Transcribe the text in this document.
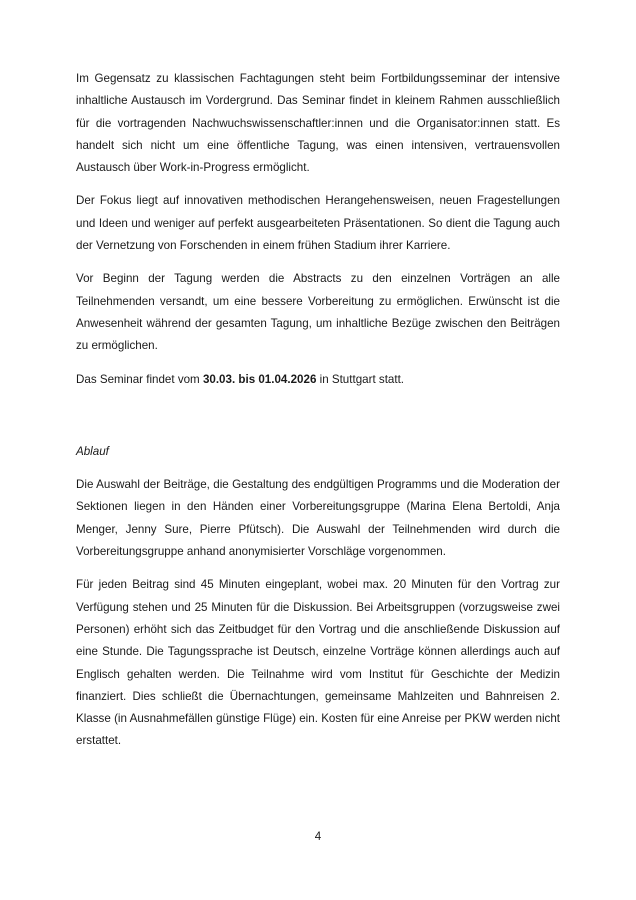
Im Gegensatz zu klassischen Fachtagungen steht beim Fortbildungsseminar der intensive inhaltliche Austausch im Vordergrund. Das Seminar findet in kleinem Rahmen ausschließlich für die vortragenden Nachwuchswissenschaftler:innen und die Organisator:innen statt. Es handelt sich nicht um eine öffentliche Tagung, was einen intensiven, vertrauensvollen Austausch über Work-in-Progress ermöglicht.

Der Fokus liegt auf innovativen methodischen Herangehensweisen, neuen Fragestellungen und Ideen und weniger auf perfekt ausgearbeiteten Präsentationen. So dient die Tagung auch der Vernetzung von Forschenden in einem frühen Stadium ihrer Karriere.

Vor Beginn der Tagung werden die Abstracts zu den einzelnen Vorträgen an alle Teilnehmenden versandt, um eine bessere Vorbereitung zu ermöglichen. Erwünscht ist die Anwesenheit während der gesamten Tagung, um inhaltliche Bezüge zwischen den Beiträgen zu ermöglichen.

Das Seminar findet vom 30.03. bis 01.04.2026 in Stuttgart statt.

Ablauf

Die Auswahl der Beiträge, die Gestaltung des endgültigen Programms und die Moderation der Sektionen liegen in den Händen einer Vorbereitungsgruppe (Marina Elena Bertoldi, Anja Menger, Jenny Sure, Pierre Pfütsch). Die Auswahl der Teilnehmenden wird durch die Vorbereitungsgruppe anhand anonymisierter Vorschläge vorgenommen.

Für jeden Beitrag sind 45 Minuten eingeplant, wobei max. 20 Minuten für den Vortrag zur Verfügung stehen und 25 Minuten für die Diskussion. Bei Arbeitsgruppen (vorzugsweise zwei Personen) erhöht sich das Zeitbudget für den Vortrag und die anschließende Diskussion auf eine Stunde. Die Tagungssprache ist Deutsch, einzelne Vorträge können allerdings auch auf Englisch gehalten werden. Die Teilnahme wird vom Institut für Geschichte der Medizin finanziert. Dies schließt die Übernachtungen, gemeinsame Mahlzeiten und Bahnreisen 2. Klasse (in Ausnahmefällen günstige Flüge) ein. Kosten für eine Anreise per PKW werden nicht erstattet.

4
